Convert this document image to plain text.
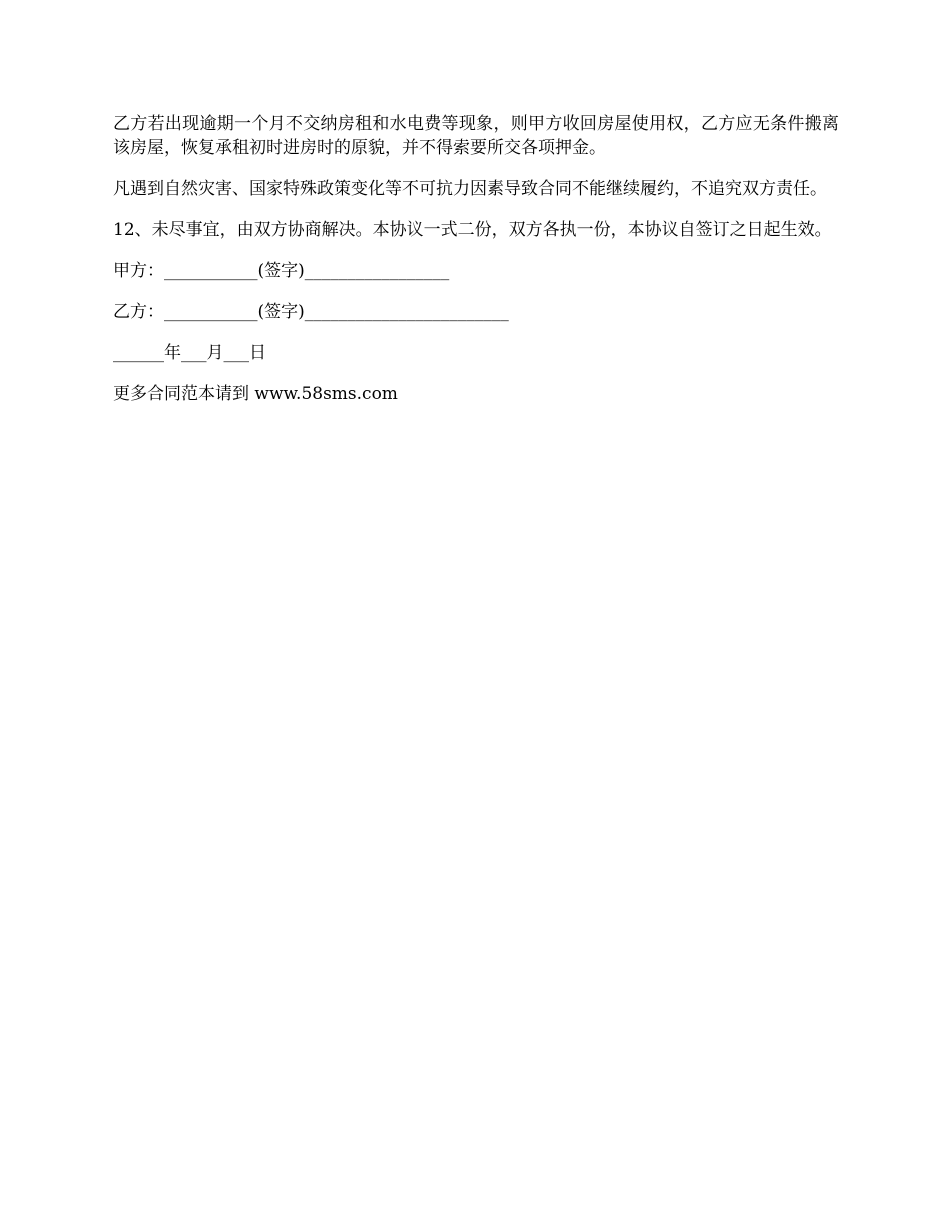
乙方若出现逾期一个月不交纳房租和水电费等现象，则甲方收回房屋使用权，乙方应无条件搬离该房屋，恢复承租初时进房时的原貌，并不得索要所交各项押金。

凡遇到自然灾害、国家特殊政策变化等不可抗力因素导致合同不能继续履约，不追究双方责任。

12、未尽事宜，由双方协商解决。本协议一式二份，双方各执一份，本协议自签订之日起生效。

甲方：___________(签字)_________________

乙方：___________(签字)________________________

______年___月___日

更多合同范本请到 www.58sms.com
